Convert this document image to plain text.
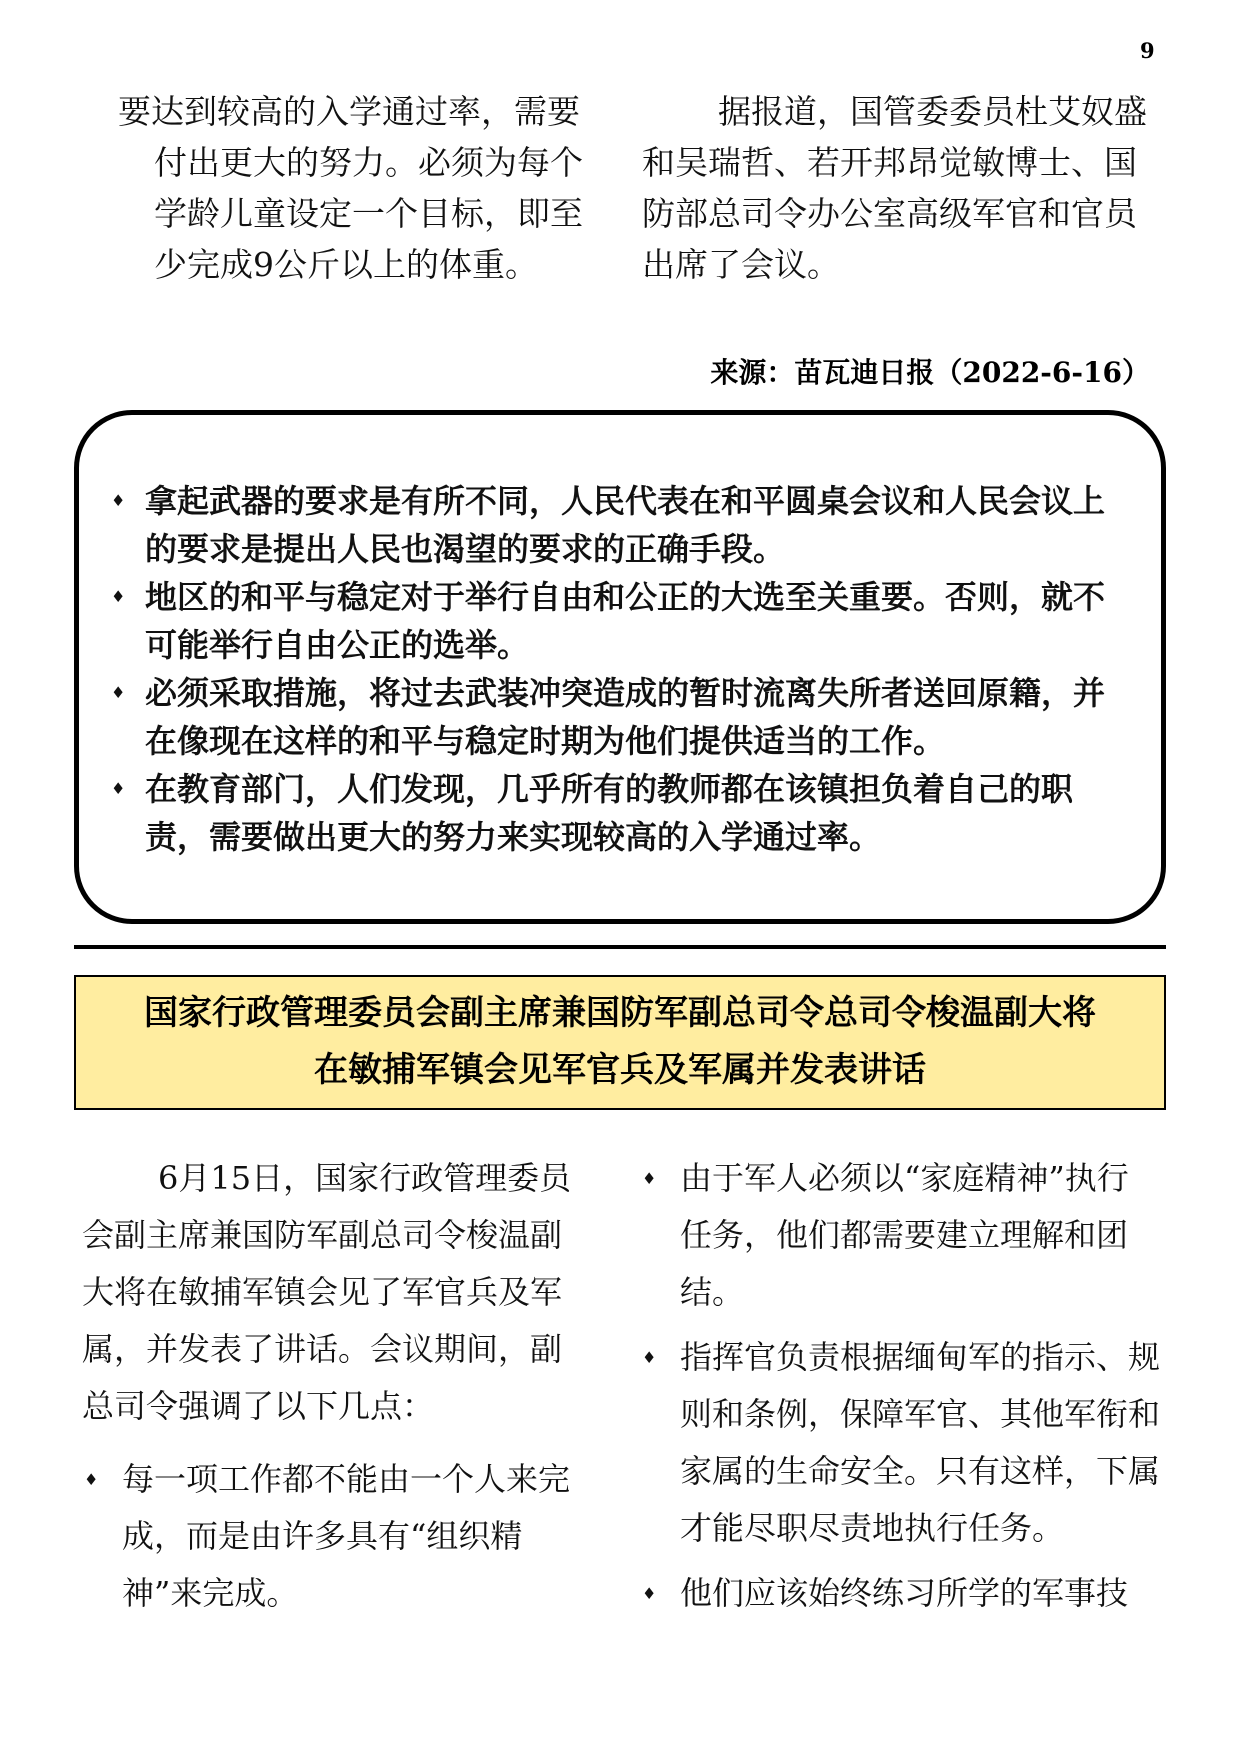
9

要达到较高的入学通过率，需要付出更大的努力。必须为每个学龄儿童设定一个目标，即至少完成9公斤以上的体重。

据报道，国管委委员杜艾奴盛和吴瑞哲、若开邦昂觉敏博士、国防部总司令办公室高级军官和官员出席了会议。

来源：苗瓦迪日报（2022-6-16）
♦ 拿起武器的要求是有所不同，人民代表在和平圆桌会议和人民会议上的要求是提出人民也渴望的要求的正确手段。
♦ 地区的和平与稳定对于举行自由和公正的大选至关重要。否则，就不可能举行自由公正的选举。
♦ 必须采取措施，将过去武装冲突造成的暂时流离失所者送回原籍，并在像现在这样的和平与稳定时期为他们提供适当的工作。
♦ 在教育部门，人们发现，几乎所有的教师都在该镇担负着自己的职责，需要做出更大的努力来实现较高的入学通过率。
国家行政管理委员会副主席兼国防军副总司令总司令梭温副大将
在敏捕军镇会见军官兵及军属并发表讲话

6月15日，国家行政管理委员会副主席兼国防军副总司令梭温副大将在敏捕军镇会见了军官兵及军属，并发表了讲话。会议期间，副总司令强调了以下几点：

♦ 每一项工作都不能由一个人来完成，而是由许多具有“组织精神”来完成。
♦ 由于军人必须以“家庭精神”执行任务，他们都需要建立理解和团结。
♦ 指挥官负责根据缅甸军的指示、规则和条例，保障军官、其他军衔和家属的生命安全。只有这样，下属才能尽职尽责地执行任务。
♦ 他们应该始终练习所学的军事技
